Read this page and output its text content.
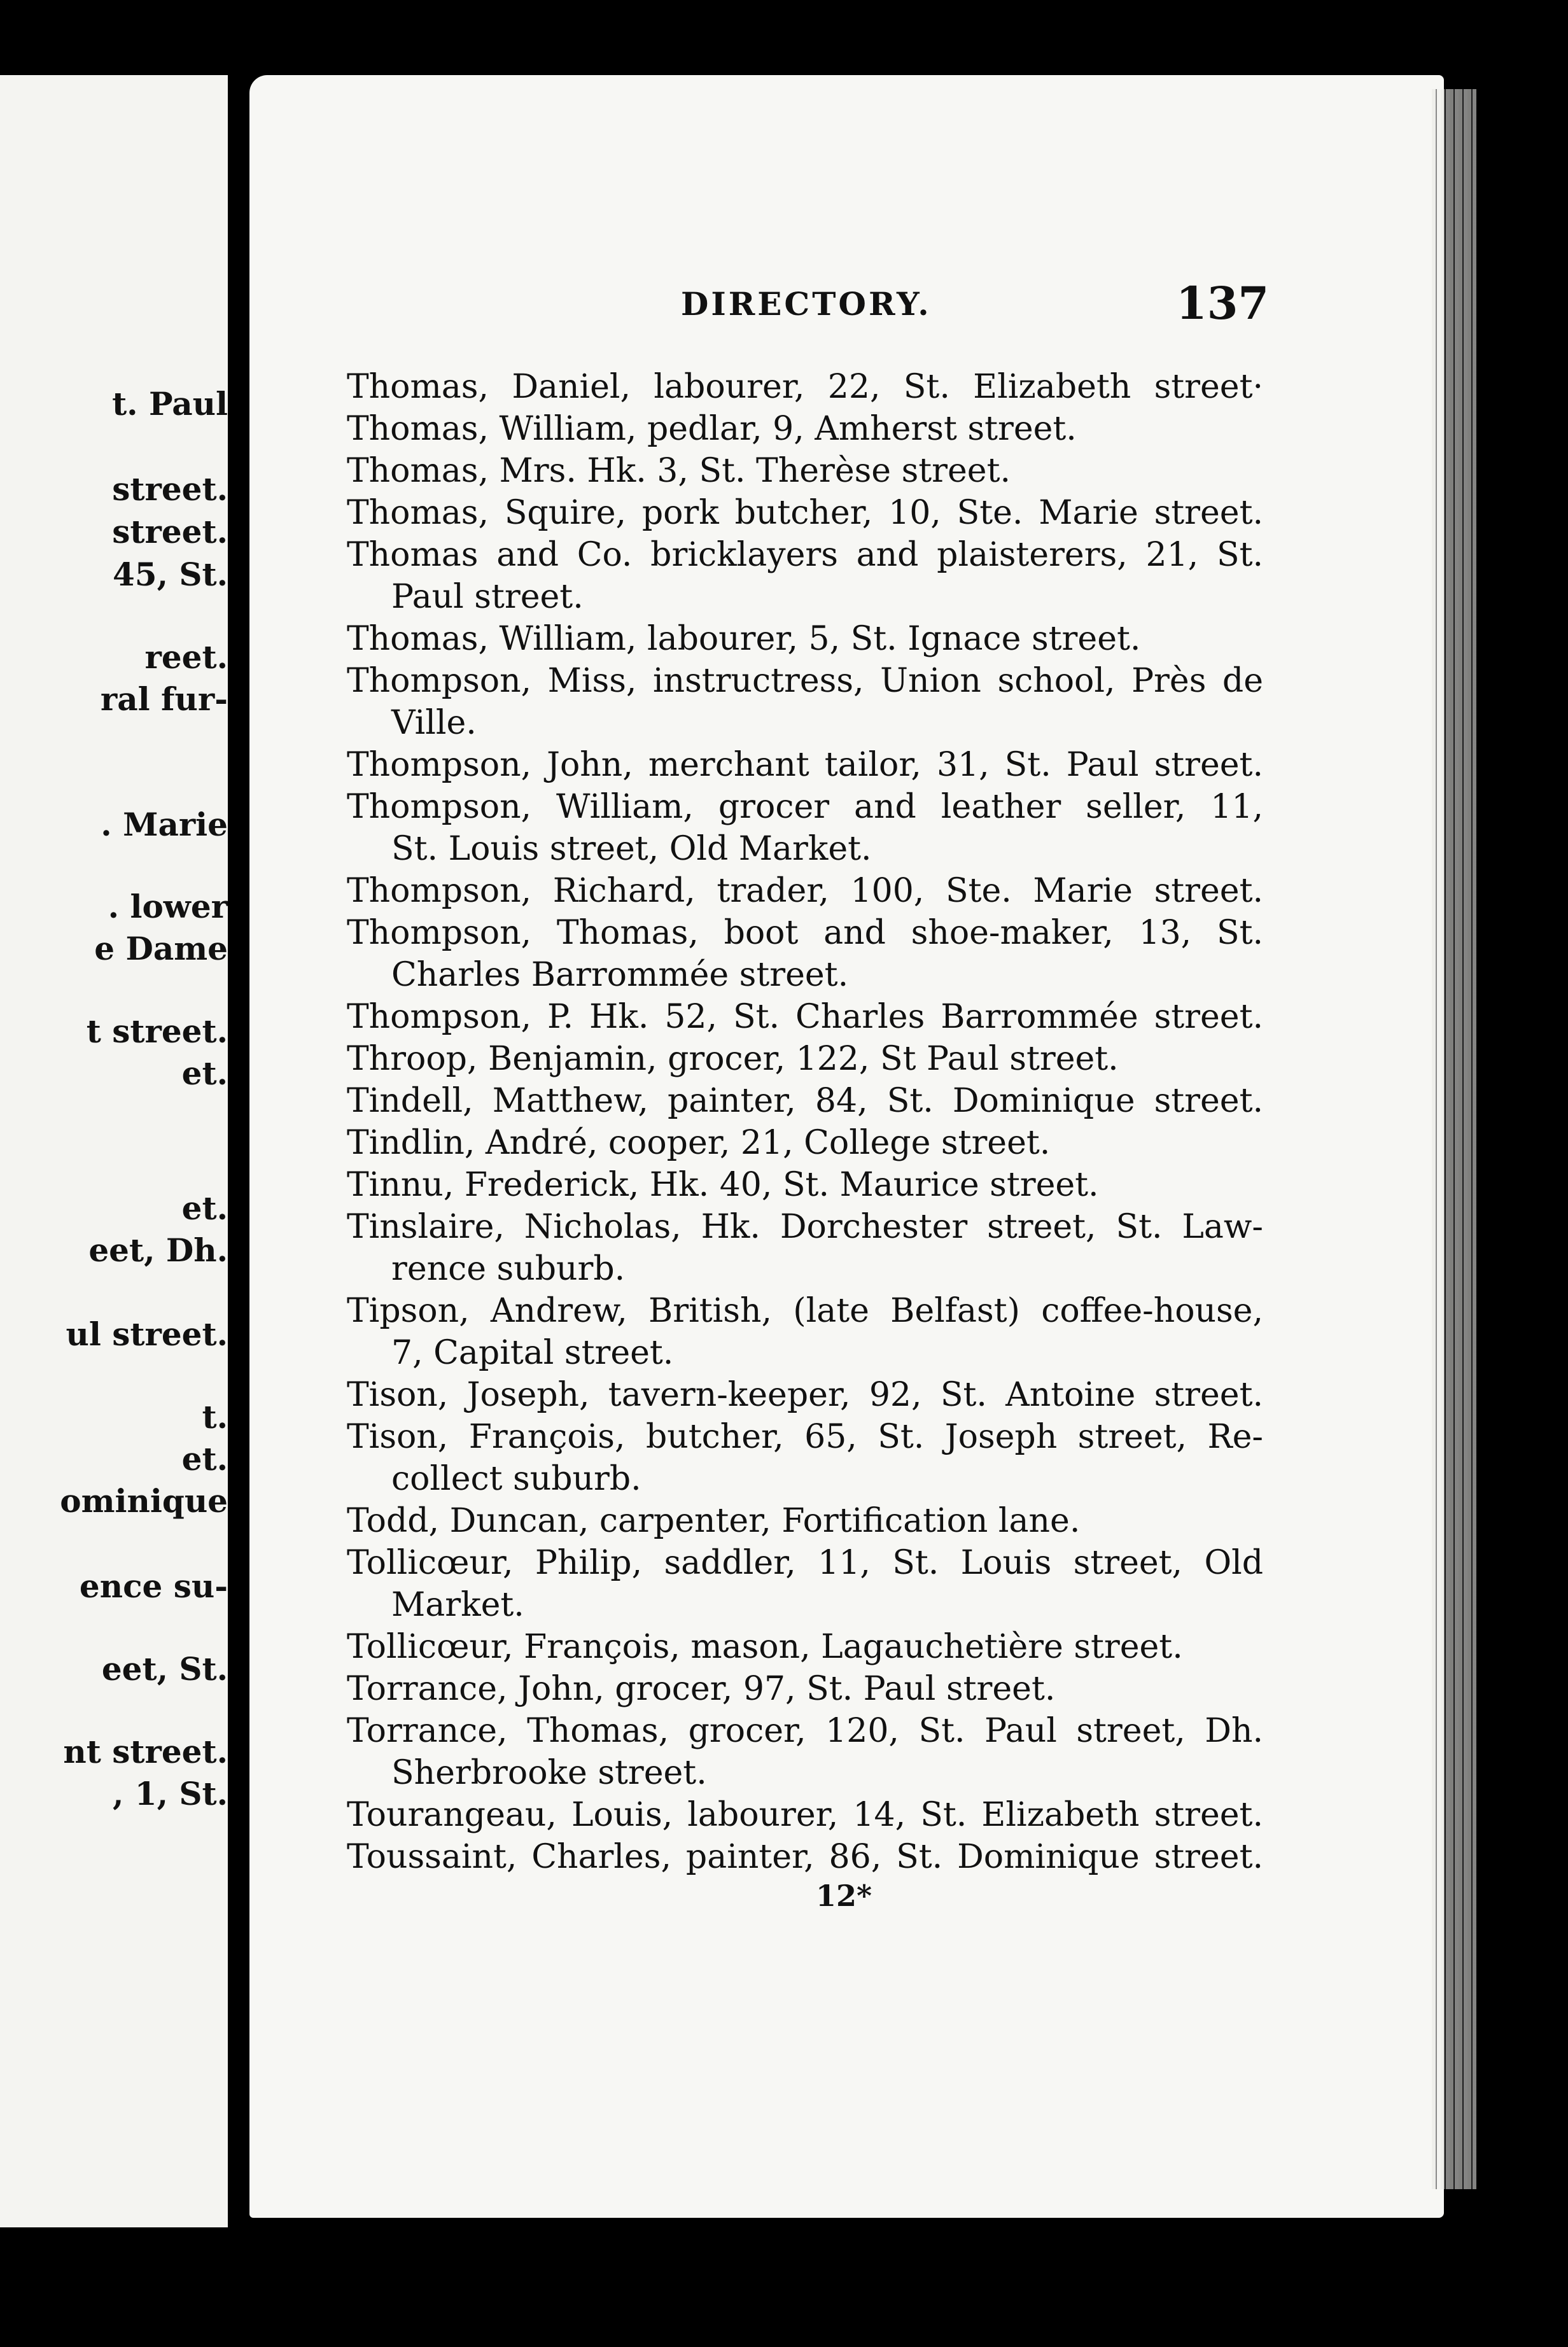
t. Paul
street.
street.
45, St.
reet.
ral fur-
. Marie
. lower
e Dame
t street.
et.
et.
eet, Dh.
ul street.
t.
et.
ominique
ence su-
eet, St.
nt street.
, 1, St.
DIRECTORY.	137
Thomas, Daniel, labourer, 22, St. Elizabeth street·
Thomas, William, pedlar, 9, Amherst street.
Thomas, Mrs. Hk. 3, St. Therèse street.
Thomas, Squire, pork butcher, 10, Ste. Marie street.
Thomas and Co. bricklayers and plaisterers, 21, St.
Paul street.
Thomas, William, labourer, 5, St. Ignace street.
Thompson, Miss, instructress, Union school, Près de
Ville.
Thompson, John, merchant tailor, 31, St. Paul street.
Thompson, William, grocer and leather seller, 11,
St. Louis street, Old Market.
Thompson, Richard, trader, 100, Ste. Marie street.
Thompson, Thomas, boot and shoe-maker, 13, St.
Charles Barrommée street.
Thompson, P. Hk. 52, St. Charles Barrommée street.
Throop, Benjamin, grocer, 122, St Paul street.
Tindell, Matthew, painter, 84, St. Dominique street.
Tindlin, André, cooper, 21, College street.
Tinnu, Frederick, Hk. 40, St. Maurice street.
Tinslaire, Nicholas, Hk. Dorchester street, St. Law-
rence suburb.
Tipson, Andrew, British, (late Belfast) coffee-house,
7, Capital street.
Tison, Joseph, tavern-keeper, 92, St. Antoine street.
Tison, François, butcher, 65, St. Joseph street, Re-
collect suburb.
Todd, Duncan, carpenter, Fortification lane.
Tollicœur, Philip, saddler, 11, St. Louis street, Old
Market.
Tollicœur, François, mason, Lagauchetière street.
Torrance, John, grocer, 97, St. Paul street.
Torrance, Thomas, grocer, 120, St. Paul street, Dh.
Sherbrooke street.
Tourangeau, Louis, labourer, 14, St. Elizabeth street.
Toussaint, Charles, painter, 86, St. Dominique street.
12*
